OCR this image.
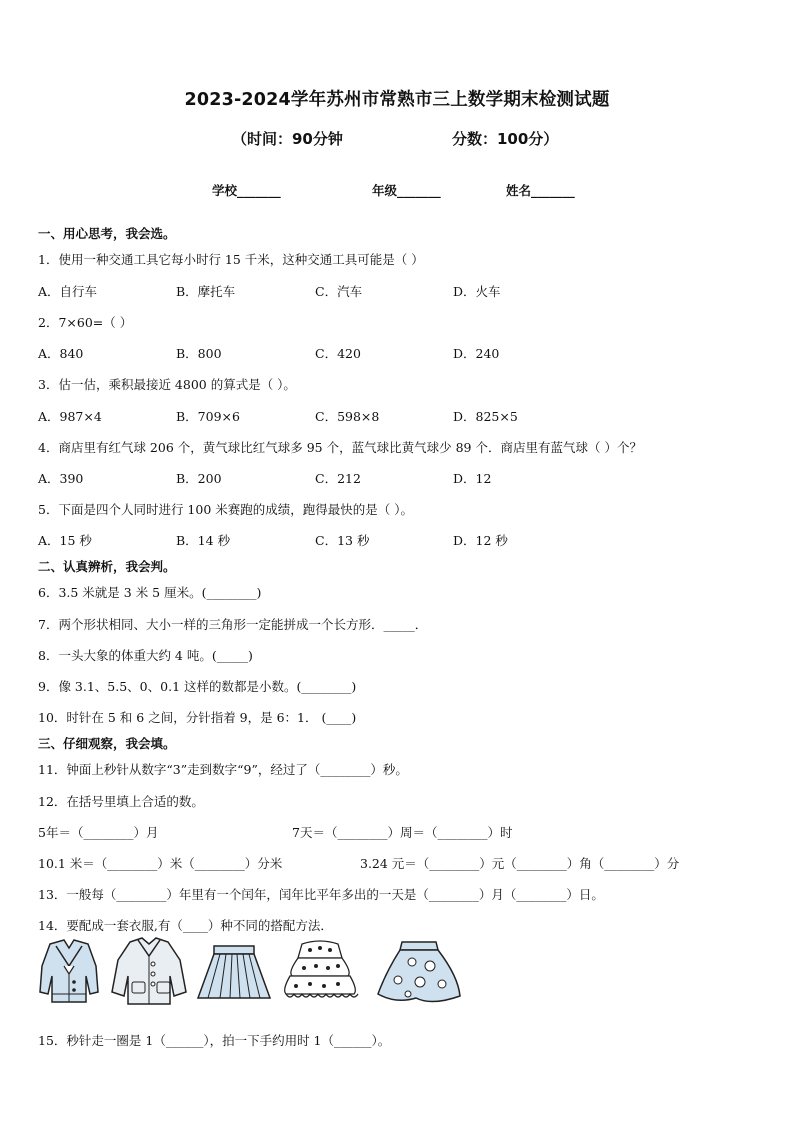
2023-2024学年苏州市常熟市三上数学期末检测试题
（时间：90分钟	分数：100分）
学校_______	年级_______	姓名_______
一、用心思考，我会选。
1．使用一种交通工具它每小时行 15 千米，这种交通工具可能是（ ）
A．自行车	B．摩托车	C．汽车	D．火车
2．7×60=（ ）
A．840	B．800	C．420	D．240
3．估一估，乘积最接近 4800 的算式是（ ）。
A．987×4	B．709×6	C．598×8	D．825×5
4．商店里有红气球 206 个，黄气球比红气球多 95 个，蓝气球比黄气球少 89 个．商店里有蓝气球（ ）个？
A．390	B．200	C．212	D．12
5．下面是四个人同时进行 100 米赛跑的成绩，跑得最快的是（ ）。
A．15 秒	B．14 秒	C．13 秒	D．12 秒
二、认真辨析，我会判。
6．3.5 米就是 3 米 5 厘米。(________)
7．两个形状相同、大小一样的三角形一定能拼成一个长方形．_____．
8．一头大象的体重大约 4 吨。(_____)
9．像 3.1、5.5、0、0.1 这样的数都是小数。(________)
10．时针在 5 和 6 之间，分针指着 9，是 6：1． (____)
三、仔细观察，我会填。
11．钟面上秒针从数字“3”走到数字“9”，经过了（________）秒。
12．在括号里填上合适的数。
5年＝（________）月	7天＝（________）周＝（________）时
10.1 米＝（________）米（________）分米	3.24 元＝（________）元（________）角（________）分
13．一般每（________）年里有一个闰年，闰年比平年多出的一天是（________）月（________）日。
14．要配成一套衣服,有（____）种不同的搭配方法．
15．秒针走一圈是 1（______），拍一下手约用时 1（______）。
